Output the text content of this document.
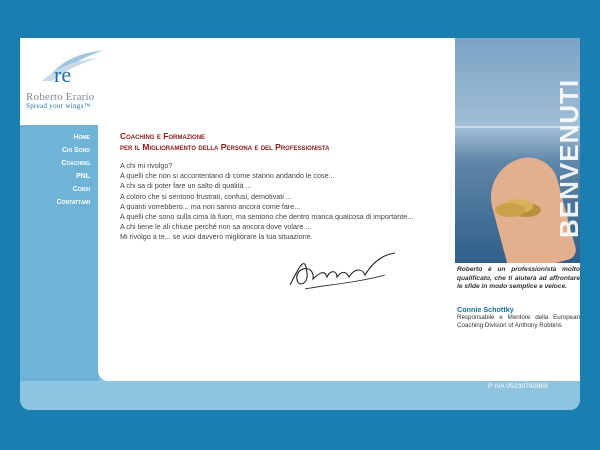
re
Roberto Erario
Spread your wings™
Home
Chi Sono
Coaching
PNL
Corsi
Contattami
Coaching e Formazione
per il Miglioramento della Persona e del Professionista
A chi mi rivolgo?
A quelli che non si accontentano di come stanno andando le cose...
A chi sa di poter fare un salto di qualità ...
A coloro che si sentono frustrati, confusi, demotivati ...
A quanti vorrebbero... ma non sanno ancora come fare...
A quelli che sono sulla cima là fuori, ma sentono che dentro manca qualcosa di importante...
A chi tiene le ali chiuse perché non sa ancora dove volare ...
Mi rivolgo a te... se vuoi davvero migliorare la tua situazione.	BENVENUTI
Roberto è un professionista molto qualificato, che ti aiuterà ad affrontare le sfide in modo semplice e veloce.
Connie Schottky
Responsabile e Mentore della European Coaching Division of Anthony Robbins
P IVA 05230760968
